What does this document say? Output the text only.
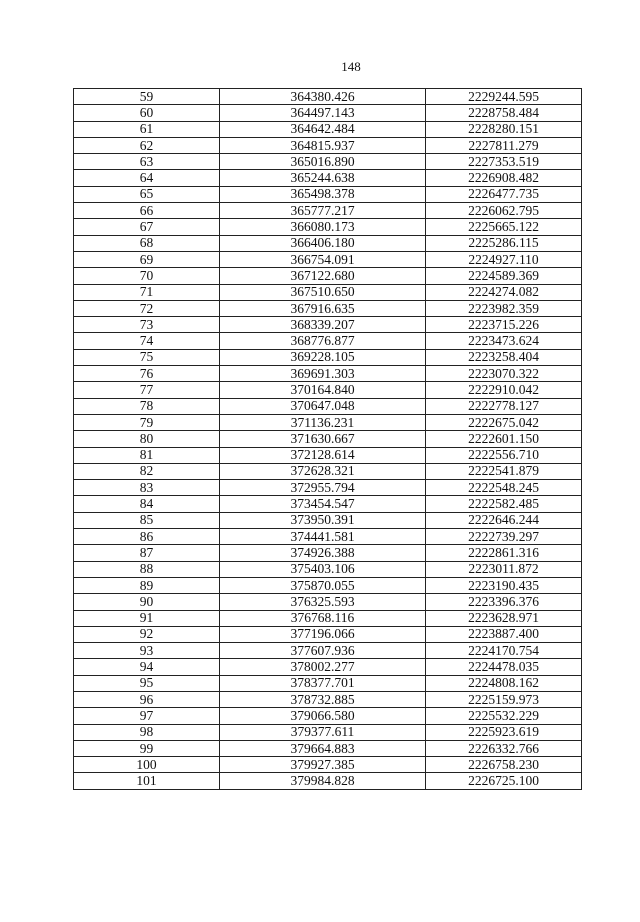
148
59	364380.426	2229244.595
60	364497.143	2228758.484
61	364642.484	2228280.151
62	364815.937	2227811.279
63	365016.890	2227353.519
64	365244.638	2226908.482
65	365498.378	2226477.735
66	365777.217	2226062.795
67	366080.173	2225665.122
68	366406.180	2225286.115
69	366754.091	2224927.110
70	367122.680	2224589.369
71	367510.650	2224274.082
72	367916.635	2223982.359
73	368339.207	2223715.226
74	368776.877	2223473.624
75	369228.105	2223258.404
76	369691.303	2223070.322
77	370164.840	2222910.042
78	370647.048	2222778.127
79	371136.231	2222675.042
80	371630.667	2222601.150
81	372128.614	2222556.710
82	372628.321	2222541.879
83	372955.794	2222548.245
84	373454.547	2222582.485
85	373950.391	2222646.244
86	374441.581	2222739.297
87	374926.388	2222861.316
88	375403.106	2223011.872
89	375870.055	2223190.435
90	376325.593	2223396.376
91	376768.116	2223628.971
92	377196.066	2223887.400
93	377607.936	2224170.754
94	378002.277	2224478.035
95	378377.701	2224808.162
96	378732.885	2225159.973
97	379066.580	2225532.229
98	379377.611	2225923.619
99	379664.883	2226332.766
100	379927.385	2226758.230
101	379984.828	2226725.100
